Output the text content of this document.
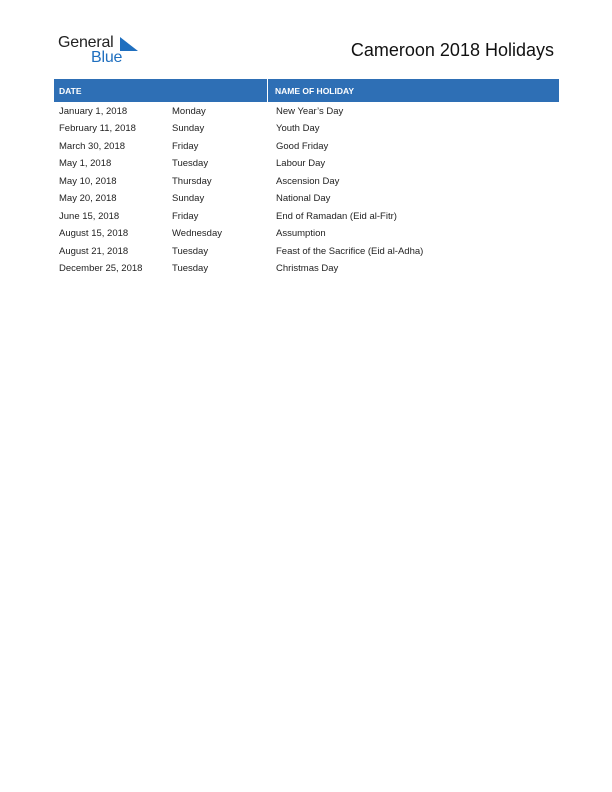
General
Blue	Cameroon 2018 Holidays
DATE	NAME OF HOLIDAY
January 1, 2018	Monday	New Year’s Day
February 11, 2018	Sunday	Youth Day
March 30, 2018	Friday	Good Friday
May 1, 2018	Tuesday	Labour Day
May 10, 2018	Thursday	Ascension Day
May 20, 2018	Sunday	National Day
June 15, 2018	Friday	End of Ramadan (Eid al-Fitr)
August 15, 2018	Wednesday	Assumption
August 21, 2018	Tuesday	Feast of the Sacrifice (Eid al-Adha)
December 25, 2018	Tuesday	Christmas Day
